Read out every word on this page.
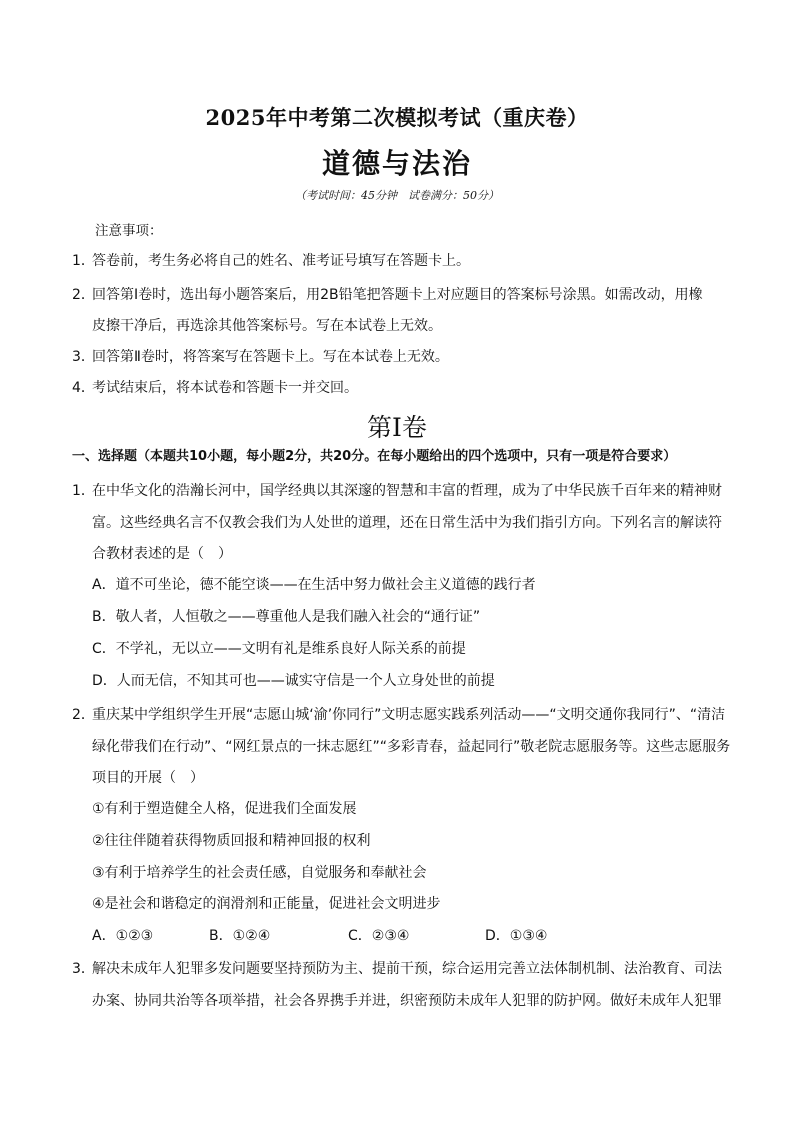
2025年中考第二次模拟考试（重庆卷）
道德与法治
（考试时间：45分钟　试卷满分：50分）
注意事项：
1．答卷前，考生务必将自己的姓名、准考证号填写在答题卡上。
2．回答第Ⅰ卷时，选出每小题答案后，用2B铅笔把答题卡上对应题目的答案标号涂黑。如需改动，用橡
皮擦干净后，再选涂其他答案标号。写在本试卷上无效。
3．回答第Ⅱ卷时，将答案写在答题卡上。写在本试卷上无效。
4．考试结束后，将本试卷和答题卡一并交回。
第Ⅰ卷
一、选择题（本题共10小题，每小题2分，共20分。在每小题给出的四个选项中，只有一项是符合要求）
1．在中华文化的浩瀚长河中，国学经典以其深邃的智慧和丰富的哲理，成为了中华民族千百年来的精神财
富。这些经典名言不仅教会我们为人处世的道理，还在日常生活中为我们指引方向。下列名言的解读符
合教材表述的是（　）
A．道不可坐论，德不能空谈——在生活中努力做社会主义道德的践行者
B．敬人者，人恒敬之——尊重他人是我们融入社会的“通行证”
C．不学礼，无以立——文明有礼是维系良好人际关系的前提
D．人而无信，不知其可也——诚实守信是一个人立身处世的前提
2．重庆某中学组织学生开展“志愿山城‘渝’你同行”文明志愿实践系列活动——“文明交通你我同行”、“清洁
绿化带我们在行动”、“网红景点的一抹志愿红”“多彩青春，益起同行”敬老院志愿服务等。这些志愿服务
项目的开展（　）
①有利于塑造健全人格，促进我们全面发展
②往往伴随着获得物质回报和精神回报的权利
③有利于培养学生的社会责任感，自觉服务和奉献社会
④是社会和谐稳定的润滑剂和正能量，促进社会文明进步
A．①②③	B．①②④	C．②③④	D．①③④
3．解决未成年人犯罪多发问题要坚持预防为主、提前干预，综合运用完善立法体制机制、法治教育、司法
办案、协同共治等各项举措，社会各界携手并进，织密预防未成年人犯罪的防护网。做好未成年人犯罪
